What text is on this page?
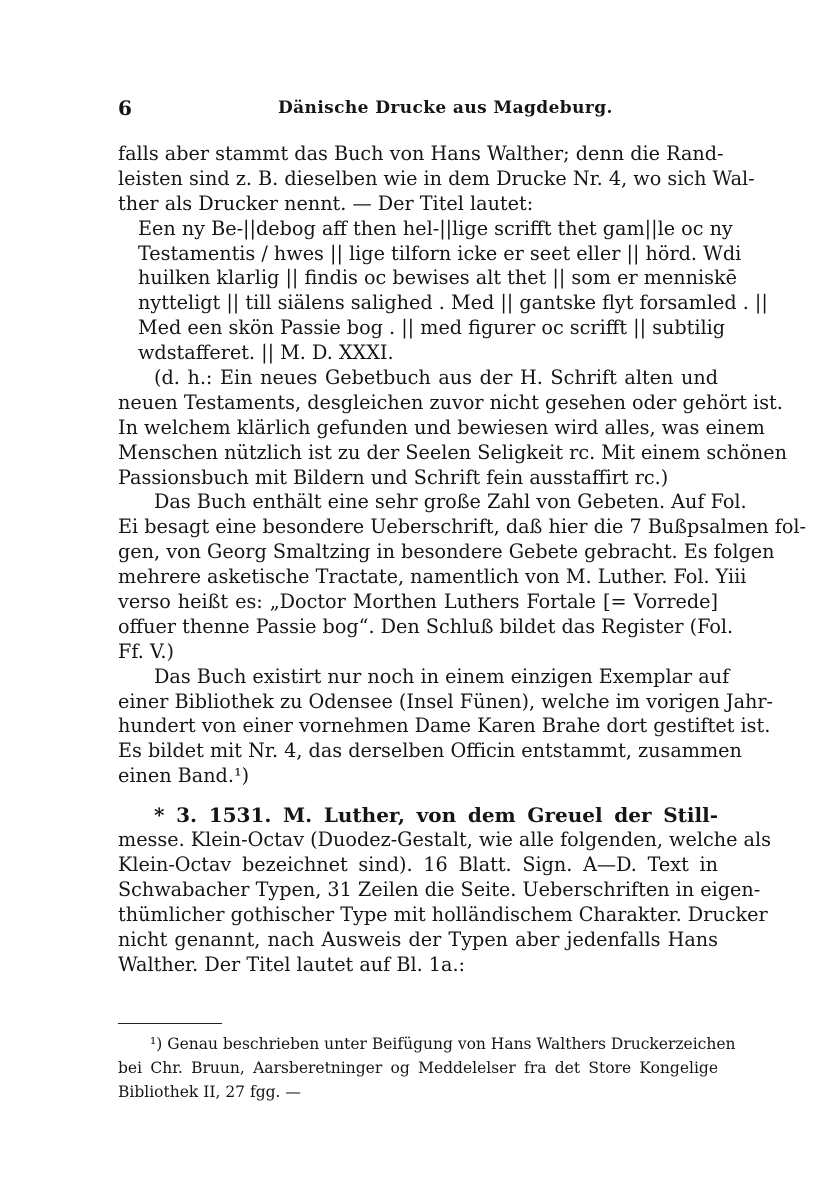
6	Dänische Drucke aus Magdeburg.
falls aber stammt das Buch von Hans Walther; denn die Rand-
leisten sind z. B. dieselben wie in dem Drucke Nr. 4, wo sich Wal-
ther als Drucker nennt. — Der Titel lautet:
Een ny Be-||debog aff then hel-||lige scrifft thet gam||le oc ny
Testamentis / hwes || lige tilforn icke er seet eller || hörd. Wdi
huilken klarlig || findis oc bewises alt thet || som er menniskē
nytteligt || till siälens salighed . Med || gantske flyt forsamled . ||
Med een skön Passie bog . || med figurer oc scrifft || subtilig
wdstafferet. || M. D. XXXI.
(d. h.: Ein neues Gebetbuch aus der H. Schrift alten und
neuen Testaments, desgleichen zuvor nicht gesehen oder gehört ist.
In welchem klärlich gefunden und bewiesen wird alles, was einem
Menschen nützlich ist zu der Seelen Seligkeit rc. Mit einem schönen
Passionsbuch mit Bildern und Schrift fein ausstaffirt rc.)
Das Buch enthält eine sehr große Zahl von Gebeten. Auf Fol.
Ei besagt eine besondere Ueberschrift, daß hier die 7 Bußpsalmen fol-
gen, von Georg Smaltzing in besondere Gebete gebracht. Es folgen
mehrere asketische Tractate, namentlich von M. Luther. Fol. Yiii
verso heißt es: „Doctor Morthen Luthers Fortale [= Vorrede]
offuer thenne Passie bog“. Den Schluß bildet das Register (Fol.
Ff. V.)
Das Buch existirt nur noch in einem einzigen Exemplar auf
einer Bibliothek zu Odensee (Insel Fünen), welche im vorigen Jahr-
hundert von einer vornehmen Dame Karen Brahe dort gestiftet ist.
Es bildet mit Nr. 4, das derselben Officin entstammt, zusammen
einen Band.¹)
* 3. 1531. M. Luther, von dem Greuel der Still-
messe. Klein-Octav (Duodez-Gestalt, wie alle folgenden, welche als
Klein-Octav bezeichnet sind). 16 Blatt. Sign. A—D. Text in
Schwabacher Typen, 31 Zeilen die Seite. Ueberschriften in eigen-
thümlicher gothischer Type mit holländischem Charakter. Drucker
nicht genannt, nach Ausweis der Typen aber jedenfalls Hans
Walther. Der Titel lautet auf Bl. 1a.:
¹) Genau beschrieben unter Beifügung von Hans Walthers Druckerzeichen
bei Chr. Bruun, Aarsberetninger og Meddelelser fra det Store Kongelige
Bibliothek II, 27 fgg. —
